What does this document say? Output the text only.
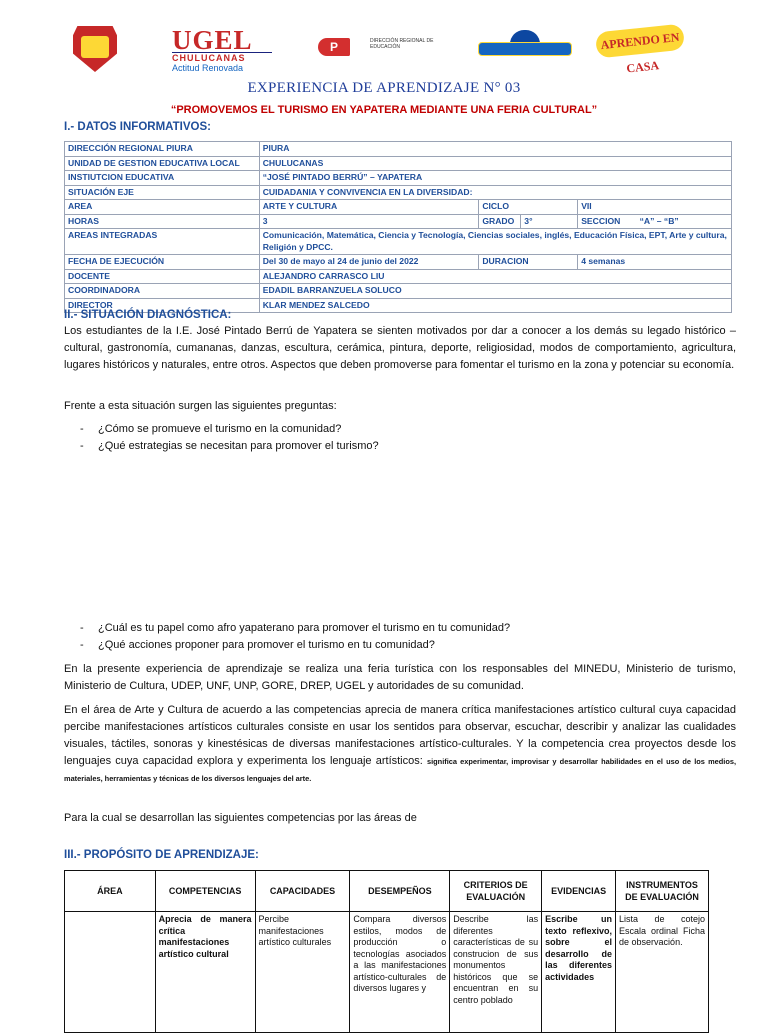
UGEL
CHULUCANAS
Actitud Renovada
P	DIRECCIÓN REGIONAL DE EDUCACIÓN	APRENDO EN CASA
EXPERIENCIA DE APRENDIZAJE N° 03
“PROMOVEMOS EL TURISMO EN YAPATERA MEDIANTE UNA FERIA CULTURAL”
I.- DATOS INFORMATIVOS:
DIRECCIÓN REGIONAL PIURA	PIURA			
UNIDAD DE GESTION EDUCATIVA LOCAL	CHULUCANAS			
INSTIUTCION EDUCATIVA	“JOSÉ PINTADO BERRÚ” – YAPATERA			
SITUACIÓN EJE	CUIDADANIA Y CONVIVENCIA EN LA DIVERSIDAD:			
AREA	ARTE Y CULTURA	CICLO		VII
HORAS	3	GRADO	3°	SECCION “A” – “B”
AREAS INTEGRADAS	Comunicación, Matemática, Ciencia y Tecnología, Ciencias sociales, inglés, Educación Física, EPT, Arte y cultura, Religión y DPCC.			
FECHA DE EJECUCIÓN	Del 30 de mayo al 24 de junio del 2022	DURACION		4 semanas
DOCENTE	ALEJANDRO CARRASCO LIU			
COORDINADORA	EDADIL BARRANZUELA SOLUCO			
DIRECTOR	KLAR MENDEZ SALCEDO			
II.- SITUACIÓN DIAGNÓSTICA:
Los estudiantes de la I.E. José Pintado Berrú de Yapatera se sienten motivados por dar a conocer a los demás su legado histórico –cultural, gastronomía, cumananas, danzas, escultura, cerámica, pintura, deporte, religiosidad, modos de comportamiento, agricultura, lugares históricos y naturales, entre otros. Aspectos que deben promoverse para fomentar el turismo en la zona y potenciar su economía.
Frente a esta situación surgen las siguientes preguntas:
- ¿Cómo se promueve el turismo en la comunidad?
- ¿Qué estrategias se necesitan para promover el turismo?
- ¿Cuál es tu papel como afro yapaterano para promover el turismo en tu comunidad?
- ¿Qué acciones proponer para promover el turismo en tu comunidad?
En la presente experiencia de aprendizaje se realiza una feria turística con los responsables del MINEDU, Ministerio de turismo, Ministerio de Cultura, UDEP, UNF, UNP, GORE, DREP, UGEL y autoridades de su comunidad.
En el área de Arte y Cultura de acuerdo a las competencias aprecia de manera crítica manifestaciones artístico cultural cuya capacidad percibe manifestaciones artísticos culturales consiste en usar los sentidos para observar, escuchar, describir y analizar las cualidades visuales, táctiles, sonoras y kinestésicas de diversas manifestaciones artístico-culturales. Y la competencia crea proyectos desde los lenguajes cuya capacidad explora y experimenta los lenguaje artísticos: significa experimentar, improvisar y desarrollar habilidades en el uso de los medios, materiales, herramientas y técnicas de los diversos lenguajes del arte.
Para la cual se desarrollan las siguientes competencias por las áreas de
III.- PROPÓSITO DE APRENDIZAJE:
ÁREA	COMPETENCIAS	CAPACIDADES	DESEMPEÑOS	CRITERIOS DE EVALUACIÓN	EVIDENCIAS	INSTRUMENTOS DE EVALUACIÓN
	Aprecia de manera crítica manifestaciones artístico cultural	Percibe manifestaciones artístico culturales	Compara diversos estilos, modos de producción o tecnologías asociados a las manifestaciones artístico-culturales de diversos lugares y	Describe las diferentes características de su construcion de sus monumentos históricos que se encuentran en su centro poblado	Escribe un texto reflexivo, sobre el desarrollo de las diferentes actividades	Lista de cotejo Escala ordinal Ficha de observación.
